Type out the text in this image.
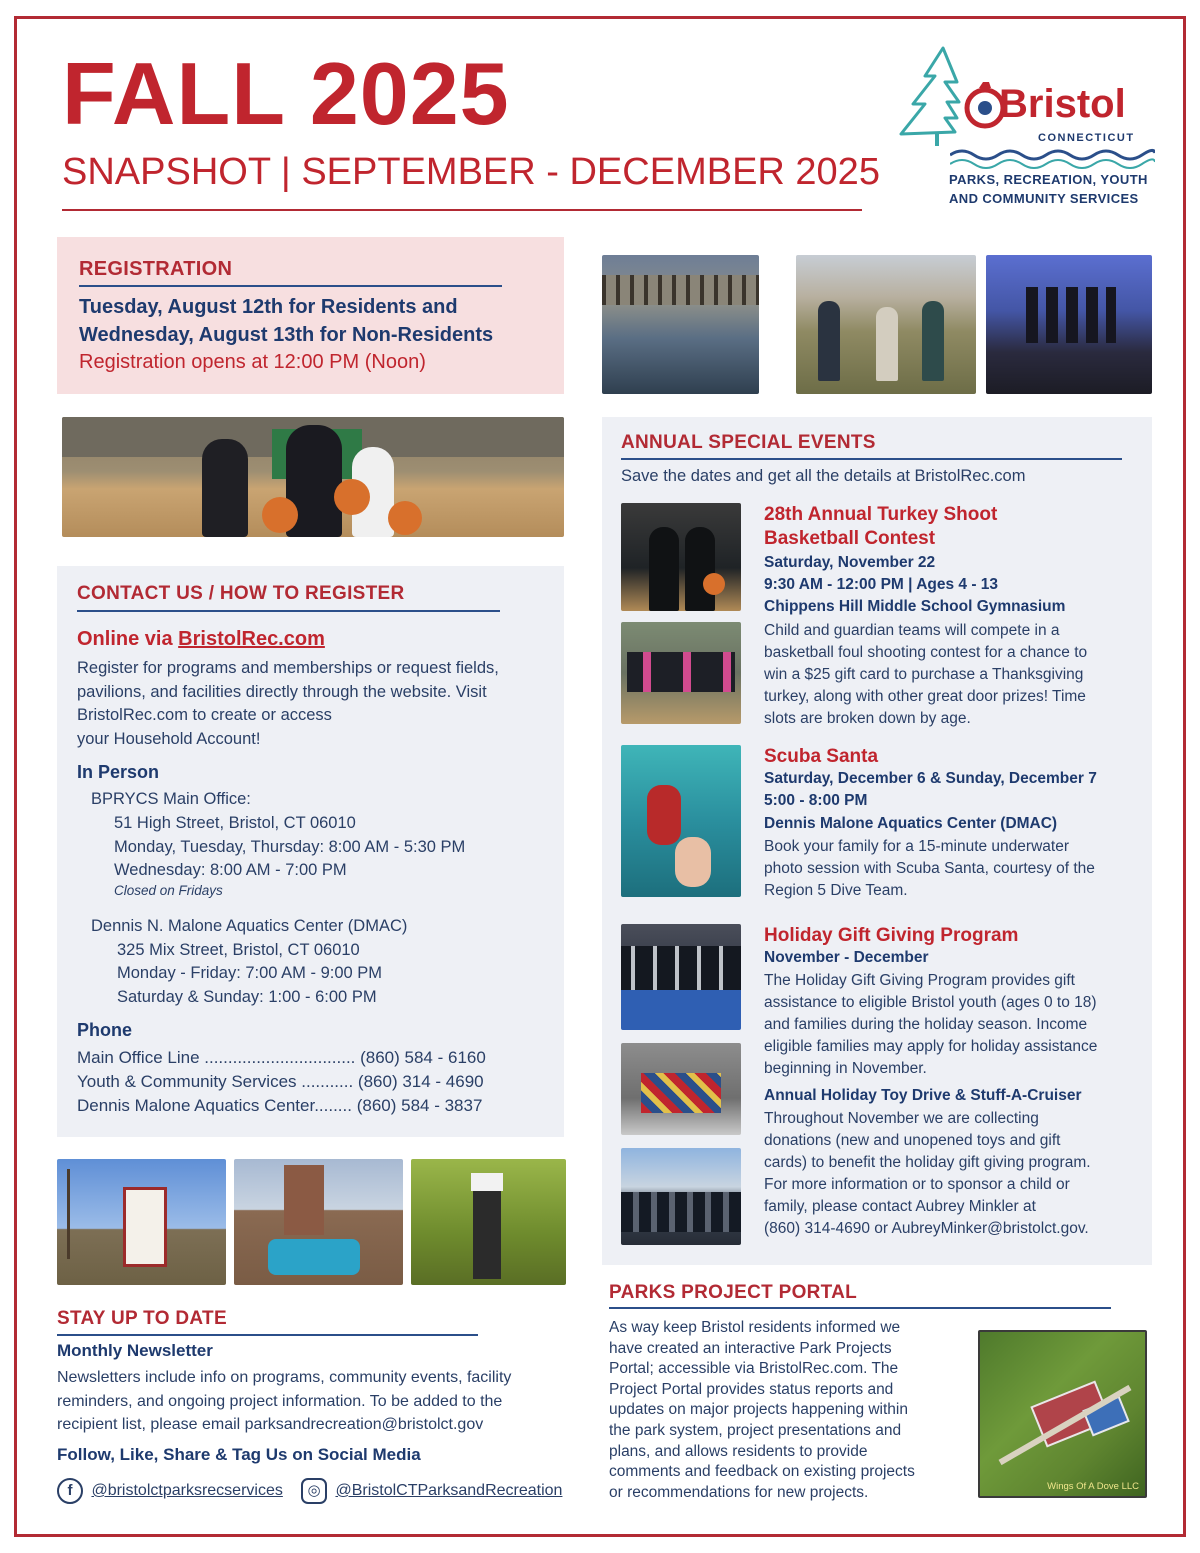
FALL 2025
SNAPSHOT | SEPTEMBER - DECEMBER 2025
Bristol
CONNECTICUT
PARKS, RECREATION, YOUTH
AND COMMUNITY SERVICES
REGISTRATION
Tuesday, August 12th for Residents and
Wednesday, August 13th for Non-Residents
Registration opens at 12:00 PM (Noon)
CONTACT US / HOW TO REGISTER
Online via BristolRec.com
Register for programs and memberships or request fields,
pavilions, and facilities directly through the website. Visit
BristolRec.com to create or access
your Household Account!
In Person
BPRYCS Main Office:
51 High Street, Bristol, CT 06010
Monday, Tuesday, Thursday: 8:00 AM - 5:30 PM
Wednesday: 8:00 AM - 7:00 PM
Closed on Fridays
Dennis N. Malone Aquatics Center (DMAC)
325 Mix Street, Bristol, CT 06010
Monday - Friday: 7:00 AM - 9:00 PM
Saturday & Sunday: 1:00 - 6:00 PM
Phone
Main Office Line ................................ (860) 584 - 6160
Youth & Community Services ........... (860) 314 - 4690
Dennis Malone Aquatics Center........ (860) 584 - 3837
STAY UP TO DATE
Monthly Newsletter
Newsletters include info on programs, community events, facility
reminders, and ongoing project information. To be added to the
recipient list, please email parksandrecreation@bristolct.gov
Follow, Like, Share & Tag Us on Social Media
f @bristolctparksrecservices	◎ @BristolCTParksandRecreation
ANNUAL SPECIAL EVENTS
Save the dates and get all the details at BristolRec.com
28th Annual Turkey Shoot
Basketball Contest
Saturday, November 22
9:30 AM - 12:00 PM | Ages 4 - 13
Chippens Hill Middle School Gymnasium
Child and guardian teams will compete in a
basketball foul shooting contest for a chance to
win a $25 gift card to purchase a Thanksgiving
turkey, along with other great door prizes! Time
slots are broken down by age.
Scuba Santa
Saturday, December 6 & Sunday, December 7
5:00 - 8:00 PM
Dennis Malone Aquatics Center (DMAC)
Book your family for a 15-minute underwater
photo session with Scuba Santa, courtesy of the
Region 5 Dive Team.
Holiday Gift Giving Program
November - December
The Holiday Gift Giving Program provides gift
assistance to eligible Bristol youth (ages 0 to 18)
and families during the holiday season. Income
eligible families may apply for holiday assistance
beginning in November.
Annual Holiday Toy Drive & Stuff-A-Cruiser
Throughout November we are collecting
donations (new and unopened toys and gift
cards) to benefit the holiday gift giving program.
For more information or to sponsor a child or
family, please contact Aubrey Minkler at
(860) 314-4690 or AubreyMinker@bristolct.gov.
PARKS PROJECT PORTAL
As way keep Bristol residents informed we
have created an interactive Park Projects
Portal; accessible via BristolRec.com. The
Project Portal provides status reports and
updates on major projects happening within
the park system, project presentations and
plans, and allows residents to provide
comments and feedback on existing projects
or recommendations for new projects.	Wings Of A Dove LLC
